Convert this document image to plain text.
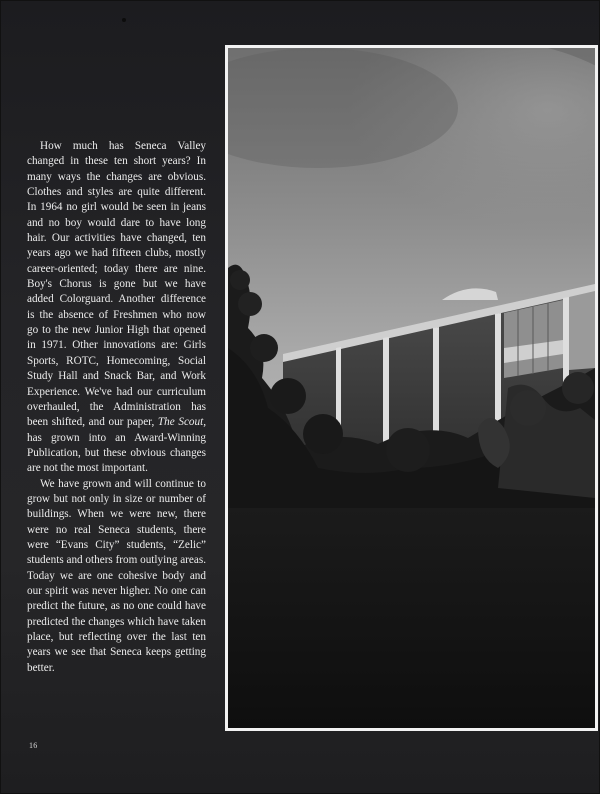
How much has Seneca Valley changed in these ten short years? In many ways the changes are obvious. Clothes and styles are quite different. In 1964 no girl would be seen in jeans and no boy would dare to have long hair. Our activities have changed, ten years ago we had fifteen clubs, mostly career-oriented; today there are nine. Boy's Chorus is gone but we have added Colorguard. Another difference is the absence of Freshmen who now go to the new Junior High that opened in 1971. Other innovations are: Girls Sports, ROTC, Homecoming, Social Study Hall and Snack Bar, and Work Experience. We've had our curriculum overhauled, the Administration has been shifted, and our paper, The Scout, has grown into an Award-Winning Publication, but these obvious changes are not the most important.

We have grown and will continue to grow but not only in size or number of buildings. When we were new, there were no real Seneca students, there were “Evans City” students, “Zelic” students and others from outlying areas. Today we are one cohesive body and our spirit was never higher. No one can predict the future, as no one could have predicted the changes which have taken place, but reflecting over the last ten years we see that Seneca keeps getting better.

16
